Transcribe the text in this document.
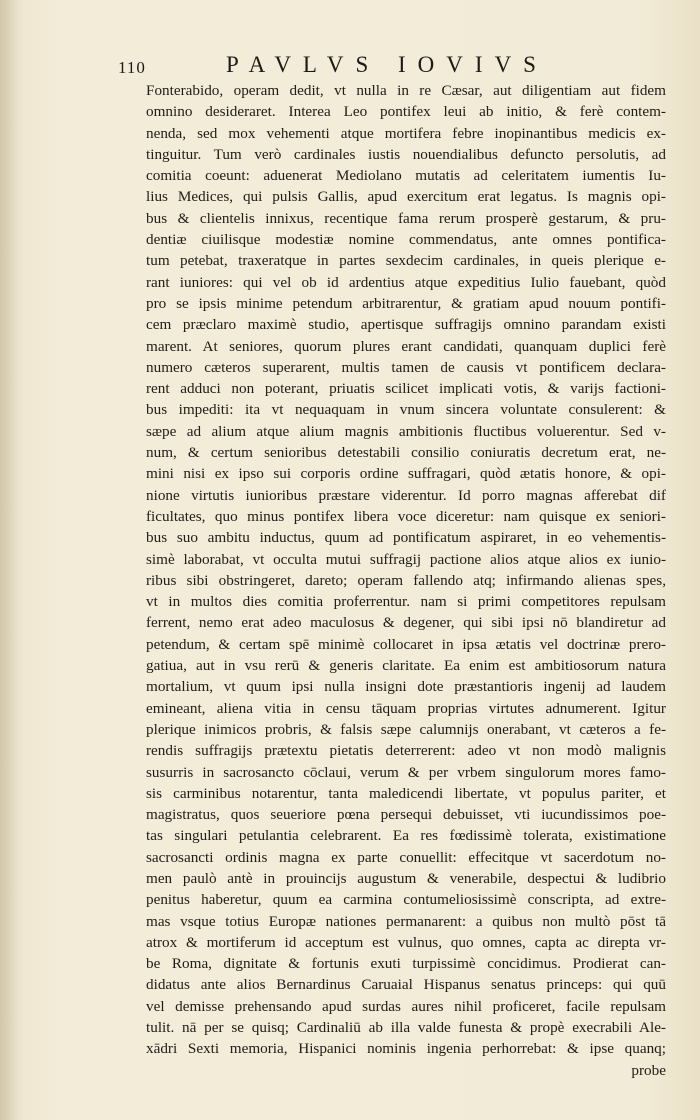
110	PAVLVS IOVIVS
Fonterabido, operam dedit, vt nulla in re Cæsar, aut diligentiam aut fidem
omnino desideraret. Interea Leo pontifex leui ab initio, & ferè contem-
nenda, sed mox vehementi atque mortifera febre inopinantibus medicis ex-
tinguitur. Tum verò cardinales iustis nouendialibus defuncto persolutis, ad
comitia coeunt: aduenerat Mediolano mutatis ad celeritatem iumentis Iu-
lius Medices, qui pulsis Gallis, apud exercitum erat legatus. Is magnis opi-
bus & clientelis innixus, recentique fama rerum prosperè gestarum, & pru-
dentiæ ciuilisque modestiæ nomine commendatus, ante omnes pontifica-
tum petebat, traxeratque in partes sexdecim cardinales, in queis plerique e-
rant iuniores: qui vel ob id ardentius atque expeditius Iulio fauebant, quòd
pro se ipsis minime petendum arbitrarentur, & gratiam apud nouum pontifi-
cem præclaro maximè studio, apertisque suffragijs omnino parandam existi
marent. At seniores, quorum plures erant candidati, quanquam duplici ferè
numero cæteros superarent, multis tamen de causis vt pontificem declara-
rent adduci non poterant, priuatis scilicet implicati votis, & varijs factioni-
bus impediti: ita vt nequaquam in vnum sincera voluntate consulerent: &
sæpe ad alium atque alium magnis ambitionis fluctibus voluerentur. Sed v-
num, & certum senioribus detestabili consilio coniuratis decretum erat, ne-
mini nisi ex ipso sui corporis ordine suffragari, quòd ætatis honore, & opi-
nione virtutis iunioribus præstare viderentur. Id porro magnas afferebat dif
ficultates, quo minus pontifex libera voce diceretur: nam quisque ex seniori-
bus suo ambitu inductus, quum ad pontificatum aspiraret, in eo vehementis-
simè laborabat, vt occulta mutui suffragij pactione alios atque alios ex iunio-
ribus sibi obstringeret, dareto; operam fallendo atq; infirmando alienas spes,
vt in multos dies comitia proferrentur. nam si primi competitores repulsam
ferrent, nemo erat adeo maculosus & degener, qui sibi ipsi nō blandiretur ad
petendum, & certam spē minimè collocaret in ipsa ætatis vel doctrinæ prero-
gatiua, aut in vsu rerū & generis claritate. Ea enim est ambitiosorum natura
mortalium, vt quum ipsi nulla insigni dote præstantioris ingenij ad laudem
emineant, aliena vitia in censu tāquam proprias virtutes adnumerent. Igitur
plerique inimicos probris, & falsis sæpe calumnijs onerabant, vt cæteros a fe-
rendis suffragijs prætextu pietatis deterrerent: adeo vt non modò malignis
susurris in sacrosancto cōclaui, verum & per vrbem singulorum mores famo-
sis carminibus notarentur, tanta maledicendi libertate, vt populus pariter, et
magistratus, quos seueriore pœna persequi debuisset, vti iucundissimos poe-
tas singulari petulantia celebrarent. Ea res fœdissimè tolerata, existimatione
sacrosancti ordinis magna ex parte conuellit: effecitque vt sacerdotum no-
men paulò antè in prouincijs augustum & venerabile, despectui & ludibrio
penitus haberetur, quum ea carmina contumeliosissimè conscripta, ad extre-
mas vsque totius Europæ nationes permanarent: a quibus non multò pōst tā
atrox & mortiferum id acceptum est vulnus, quo omnes, capta ac direpta vr-
be Roma, dignitate & fortunis exuti turpissimè concidimus. Prodierat can-
didatus ante alios Bernardinus Caruaial Hispanus senatus princeps: qui quū
vel demisse prehensando apud surdas aures nihil proficeret, facile repulsam
tulit. nā per se quisq; Cardinaliū ab illa valde funesta & propè execrabili Ale-
xādri Sexti memoria, Hispanici nominis ingenia perhorrebat: & ipse quanq;
probe
